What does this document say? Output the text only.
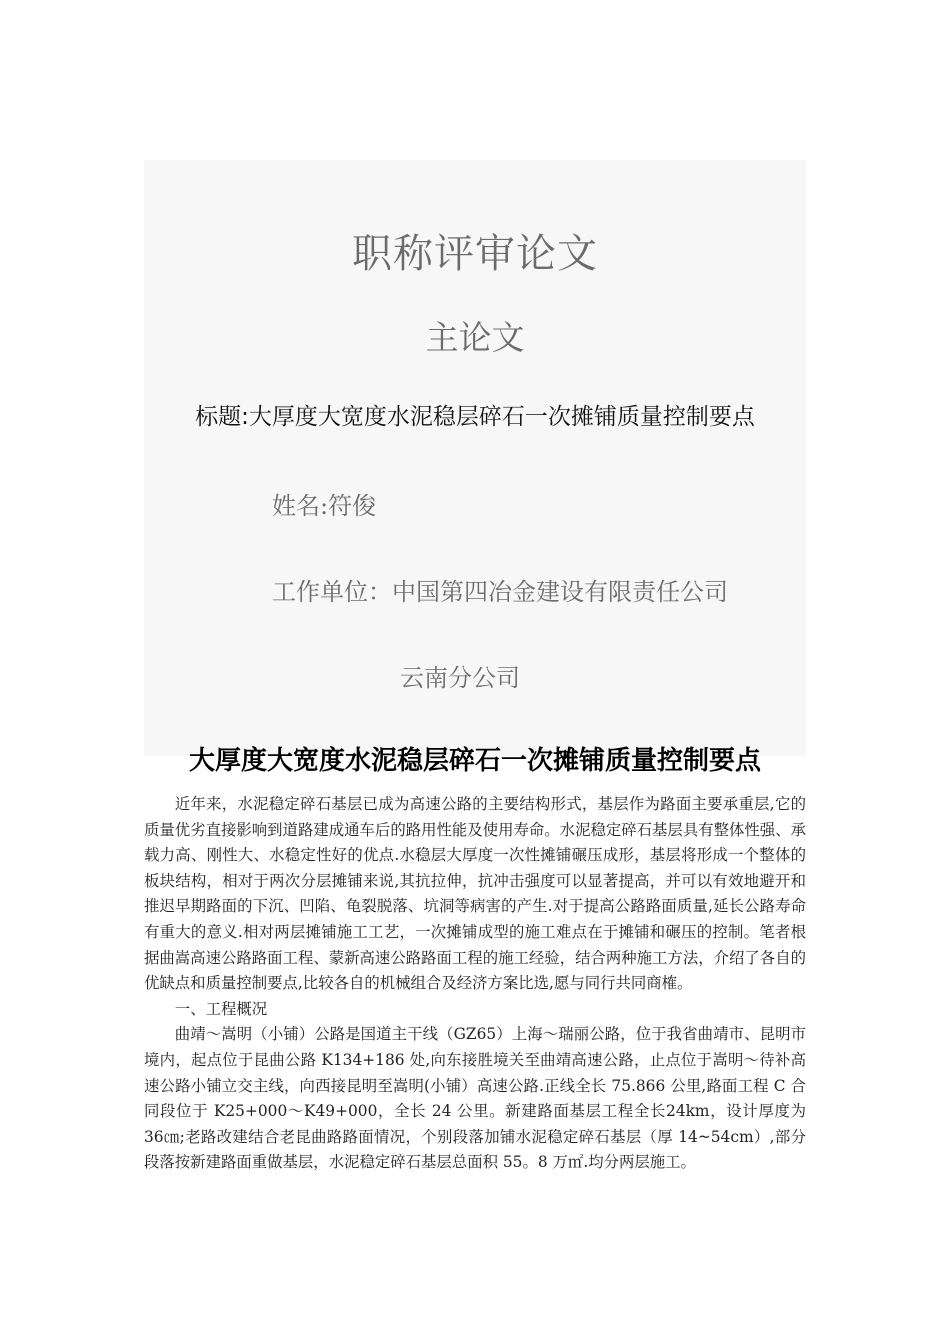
职称评审论文
主论文
标题:大厚度大宽度水泥稳层碎石一次摊铺质量控制要点
姓名:符俊
工作单位：中国第四冶金建设有限责任公司
云南分公司
大厚度大宽度水泥稳层碎石一次摊铺质量控制要点

近年来，水泥稳定碎石基层已成为高速公路的主要结构形式，基层作为路面主要承重层,它的质量优劣直接影响到道路建成通车后的路用性能及使用寿命。水泥稳定碎石基层具有整体性强、承载力高、刚性大、水稳定性好的优点.水稳层大厚度一次性摊铺碾压成形，基层将形成一个整体的板块结构，相对于两次分层摊铺来说,其抗拉伸，抗冲击强度可以显著提高，并可以有效地避开和推迟早期路面的下沉、凹陷、龟裂脱落、坑洞等病害的产生.对于提高公路路面质量,延长公路寿命有重大的意义.相对两层摊铺施工工艺，一次摊铺成型的施工难点在于摊铺和碾压的控制。笔者根据曲嵩高速公路路面工程、蒙新高速公路路面工程的施工经验，结合两种施工方法，介绍了各自的优缺点和质量控制要点,比较各自的机械组合及经济方案比选,愿与同行共同商榷。

一、工程概况

曲靖～嵩明（小铺）公路是国道主干线（GZ65）上海～瑞丽公路，位于我省曲靖市、昆明市境内，起点位于昆曲公路 K134+186 处,向东接胜境关至曲靖高速公路，止点位于嵩明～待补高速公路小铺立交主线，向西接昆明至嵩明(小铺）高速公路.正线全长 75.866 公里,路面工程 C 合同段位于 K25+000～K49+000，全长 24 公里。新建路面基层工程全长24km，设计厚度为 36㎝;老路改建结合老昆曲路路面情况，个别段落加铺水泥稳定碎石基层（厚 14~54cm）,部分段落按新建路面重做基层，水泥稳定碎石基层总面积 55。8 万㎡.均分两层施工。
